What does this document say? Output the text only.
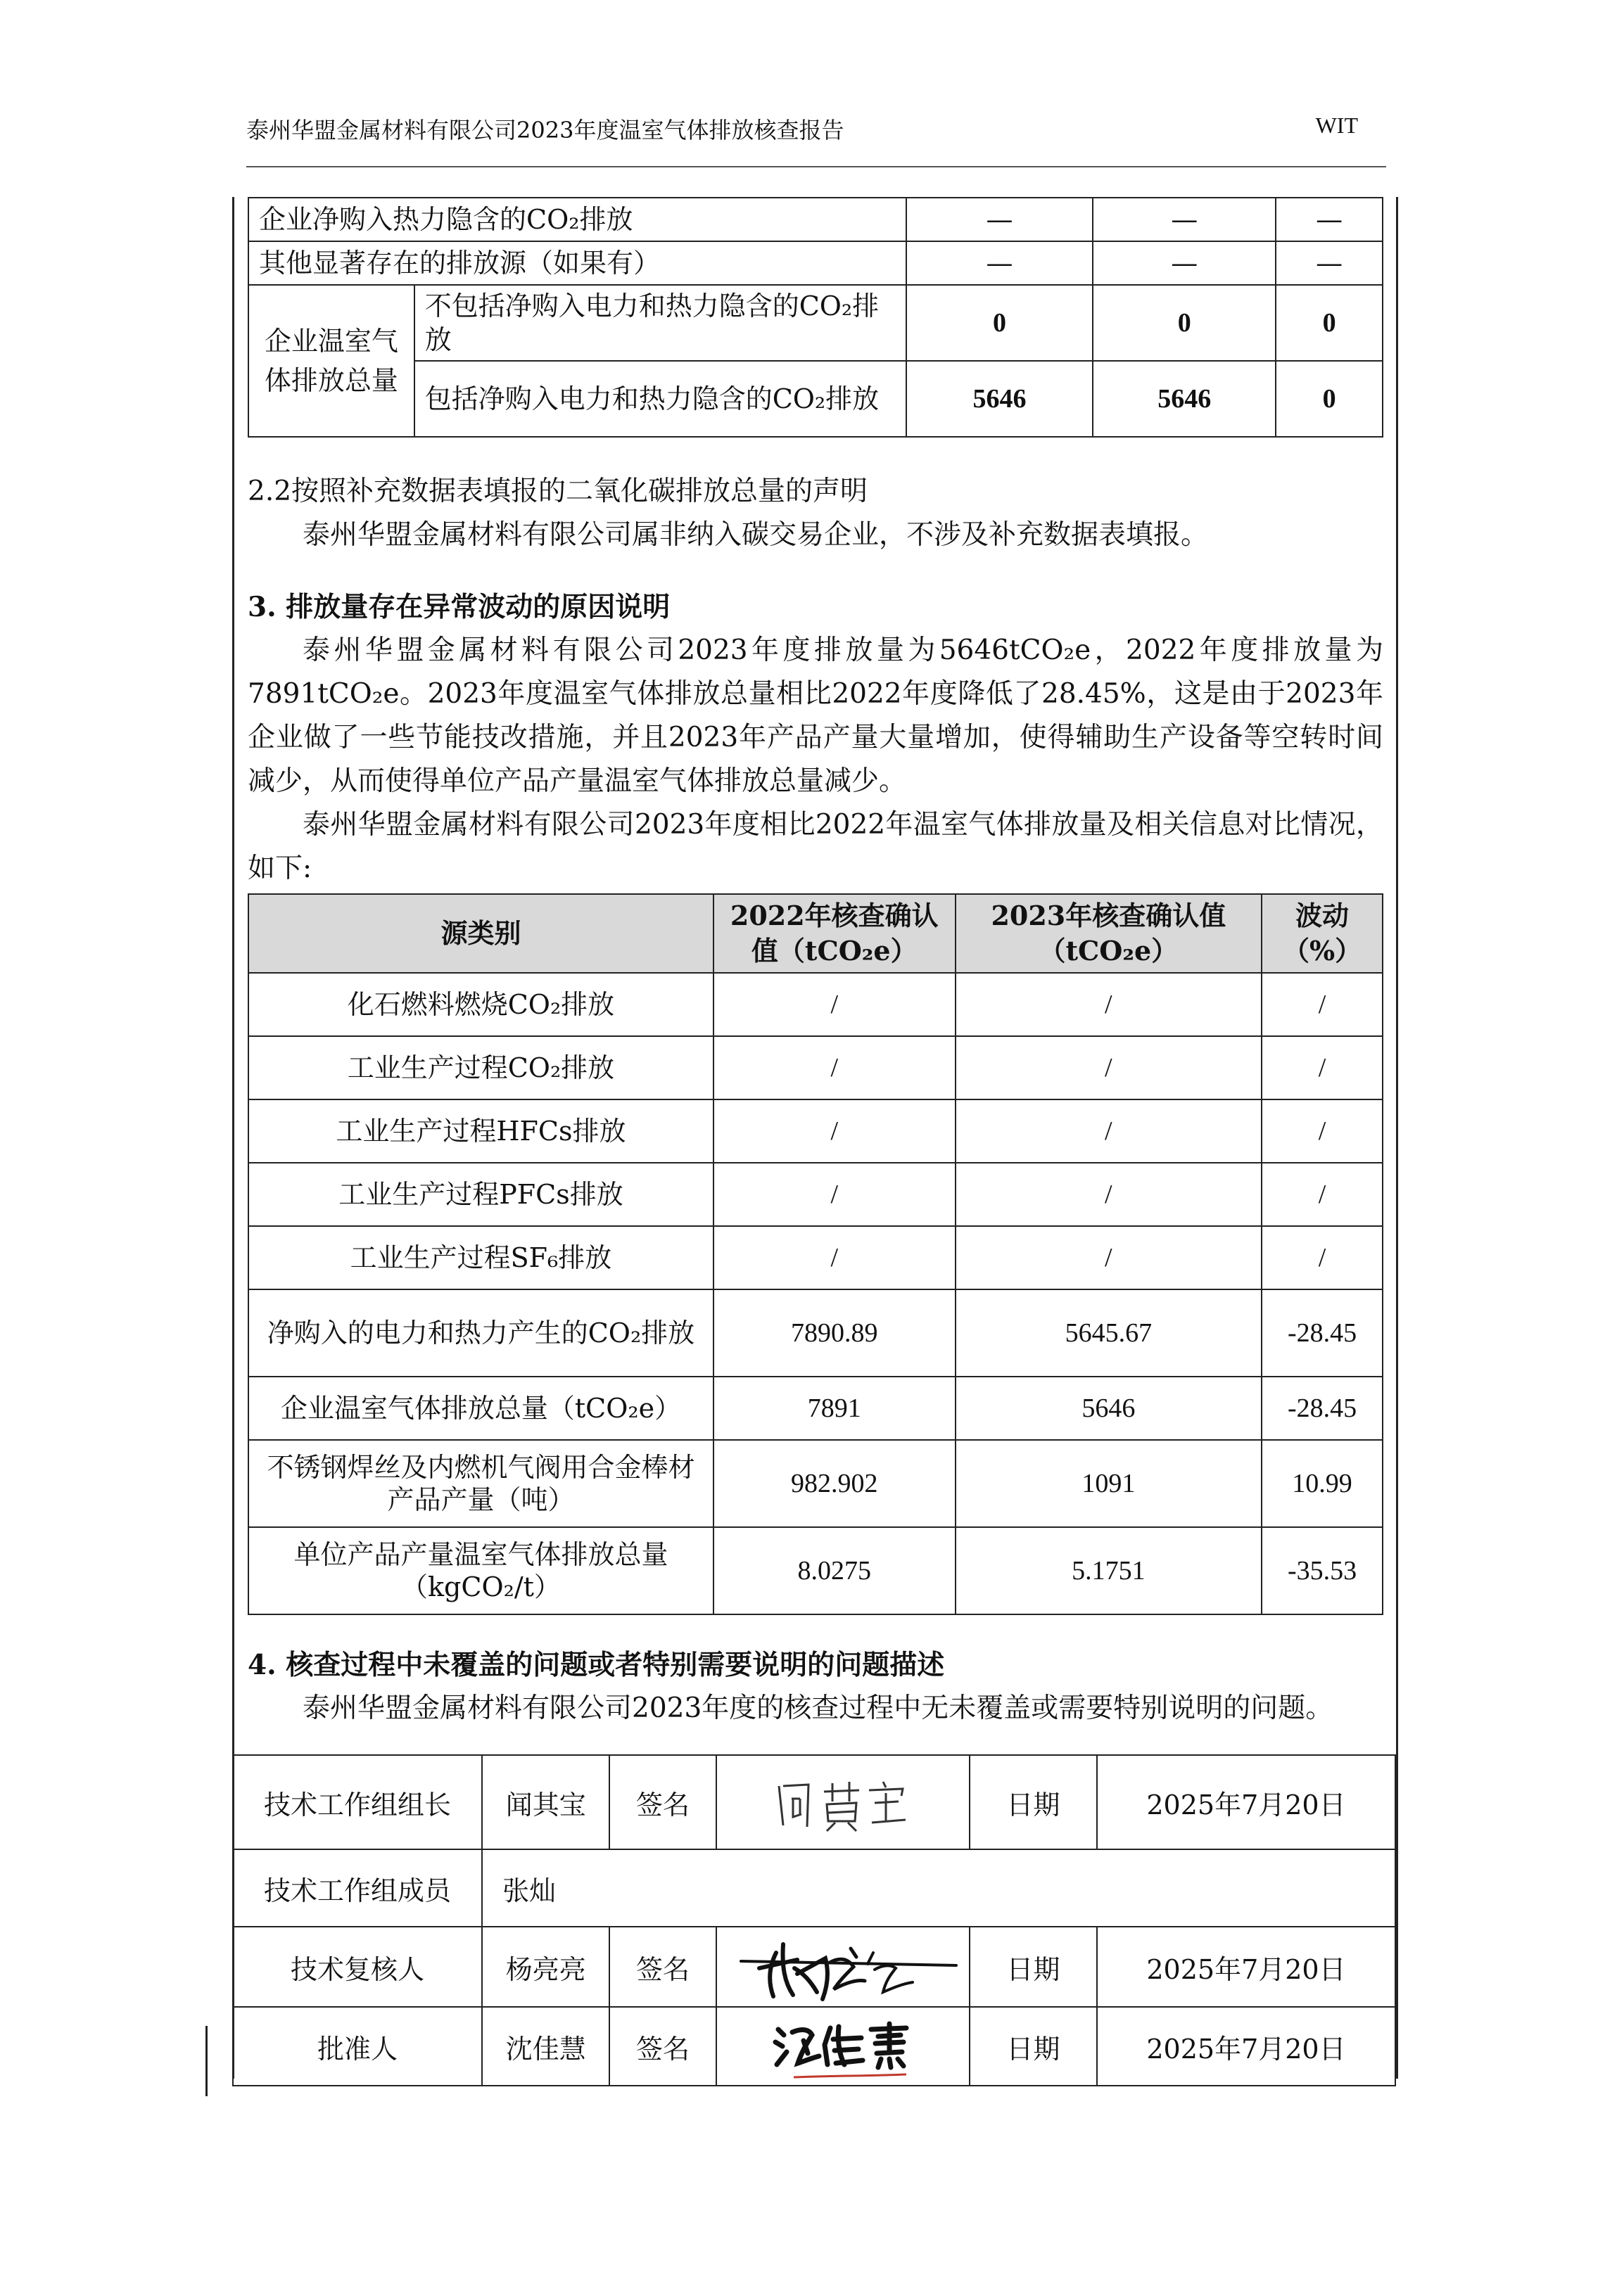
泰州华盟金属材料有限公司2023年度温室气体排放核查报告	WIT
企业净购入热力隐含的CO₂排放		—	—	—
其他显著存在的排放源（如果有）		—	—	—
企业温室气体排放总量	不包括净购入电力和热力隐含的CO₂排放	0	0	0
	包括净购入电力和热力隐含的CO₂排放	5646	5646	0
2.2按照补充数据表填报的二氧化碳排放总量的声明
泰州华盟金属材料有限公司属非纳入碳交易企业，不涉及补充数据表填报。
3. 排放量存在异常波动的原因说明
泰州华盟金属材料有限公司2023年度排放量为5646tCO₂e，2022年度排放量为7891tCO₂e。2023年度温室气体排放总量相比2022年度降低了28.45%，这是由于2023年企业做了一些节能技改措施，并且2023年产品产量大量增加，使得辅助生产设备等空转时间减少，从而使得单位产品产量温室气体排放总量减少。
泰州华盟金属材料有限公司2023年度相比2022年温室气体排放量及相关信息对比情况，如下:
源类别	2022年核查确认值（tCO₂e）	2023年核查确认值（tCO₂e）	波动（%）
化石燃料燃烧CO₂排放	/	/	/
工业生产过程CO₂排放	/	/	/
工业生产过程HFCs排放	/	/	/
工业生产过程PFCs排放	/	/	/
工业生产过程SF₆排放	/	/	/
净购入的电力和热力产生的CO₂排放	7890.89	5645.67	-28.45
企业温室气体排放总量（tCO₂e）	7891	5646	-28.45
不锈钢焊丝及内燃机气阀用合金棒材产品产量（吨）	982.902	1091	10.99
单位产品产量温室气体排放总量（kgCO₂/t）	8.0275	5.1751	-35.53
4. 核查过程中未覆盖的问题或者特别需要说明的问题描述
泰州华盟金属材料有限公司2023年度的核查过程中无未覆盖或需要特别说明的问题。
技术工作组组长	闻其宝	签名		日期	2025年7月20日
技术工作组成员	张灿				
技术复核人	杨亮亮	签名		日期	2025年7月20日
批准人	沈佳慧	签名		日期	2025年7月20日
